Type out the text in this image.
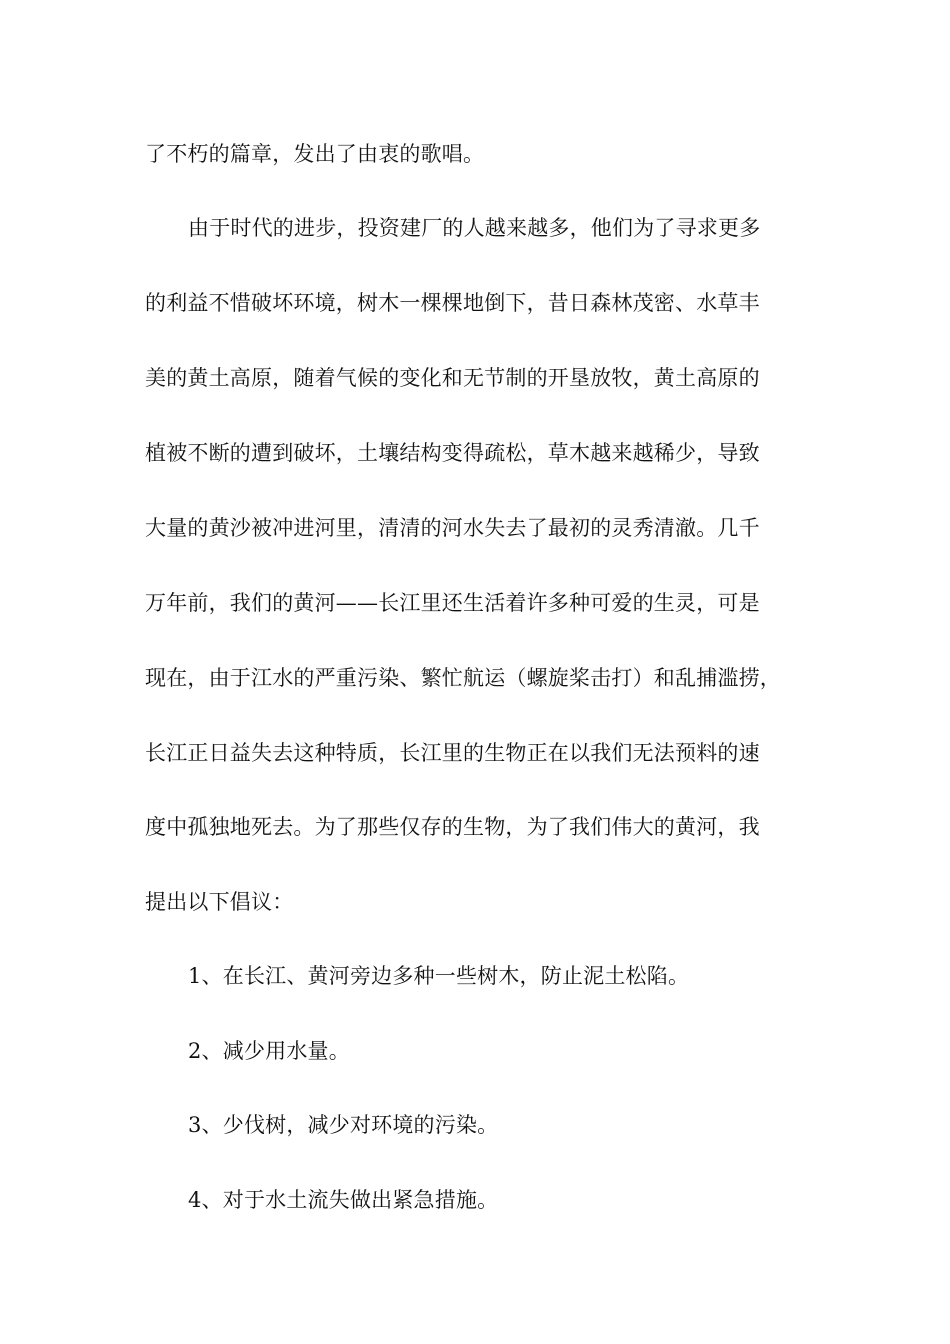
了不朽的篇章，发出了由衷的歌唱。
由于时代的进步，投资建厂的人越来越多，他们为了寻求更多
的利益不惜破坏环境，树木一棵棵地倒下，昔日森林茂密、水草丰
美的黄土高原，随着气候的变化和无节制的开垦放牧，黄土高原的
植被不断的遭到破坏，土壤结构变得疏松，草木越来越稀少，导致
大量的黄沙被冲进河里，清清的河水失去了最初的灵秀清澈。几千
万年前，我们的黄河——长江里还生活着许多种可爱的生灵，可是
现在，由于江水的严重污染、繁忙航运（螺旋桨击打）和乱捕滥捞，
长江正日益失去这种特质，长江里的生物正在以我们无法预料的速
度中孤独地死去。为了那些仅存的生物，为了我们伟大的黄河，我
提出以下倡议：
1、在长江、黄河旁边多种一些树木，防止泥土松陷。
2、减少用水量。
3、少伐树，减少对环境的污染。
4、对于水土流失做出紧急措施。
